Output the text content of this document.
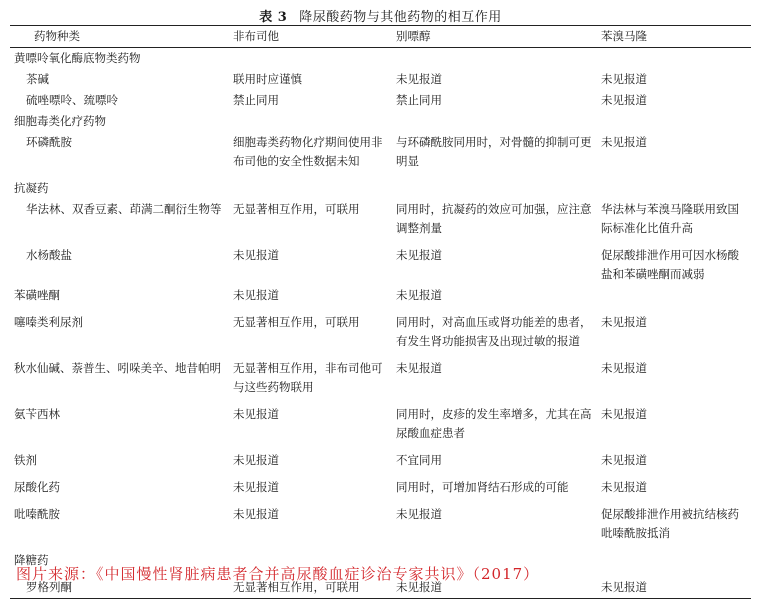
表 3 降尿酸药物与其他药物的相互作用
药物种类	非布司他	别嘌醇	苯溴马隆
黄嘌呤氧化酶底物类药物			
茶碱	联用时应谨慎	未见报道	未见报道
硫唑嘌呤、巯嘌呤	禁止同用	禁止同用	未见报道
细胞毒类化疗药物			
环磷酰胺	细胞毒类药物化疗期间使用非布司他的安全性数据未知	与环磷酰胺同用时，对骨髓的抑制可更明显	未见报道
抗凝药			
华法林、双香豆素、茚满二酮衍生物等	无显著相互作用，可联用	同用时，抗凝药的效应可加强，应注意调整剂量	华法林与苯溴马隆联用致国际标准化比值升高
水杨酸盐	未见报道	未见报道	促尿酸排泄作用可因水杨酸盐和苯磺唑酮而减弱
苯磺唑酮	未见报道	未见报道	
噻嗪类利尿剂	无显著相互作用，可联用	同用时，对高血压或肾功能差的患者，有发生肾功能损害及出现过敏的报道	未见报道
秋水仙碱、萘普生、吲哚美辛、地昔帕明	无显著相互作用，非布司他可与这些药物联用	未见报道	未见报道
氨苄西林	未见报道	同用时，皮疹的发生率增多，尤其在高尿酸血症患者	未见报道
铁剂	未见报道	不宜同用	未见报道
尿酸化药	未见报道	同用时，可增加肾结石形成的可能	未见报道
吡嗪酰胺	未见报道	未见报道	促尿酸排泄作用被抗结核药吡嗪酰胺抵消
降糖药			
罗格列酮	无显著相互作用，可联用	未见报道	未见报道
图片来源：《中国慢性肾脏病患者合并高尿酸血症诊治专家共识》（2017）
